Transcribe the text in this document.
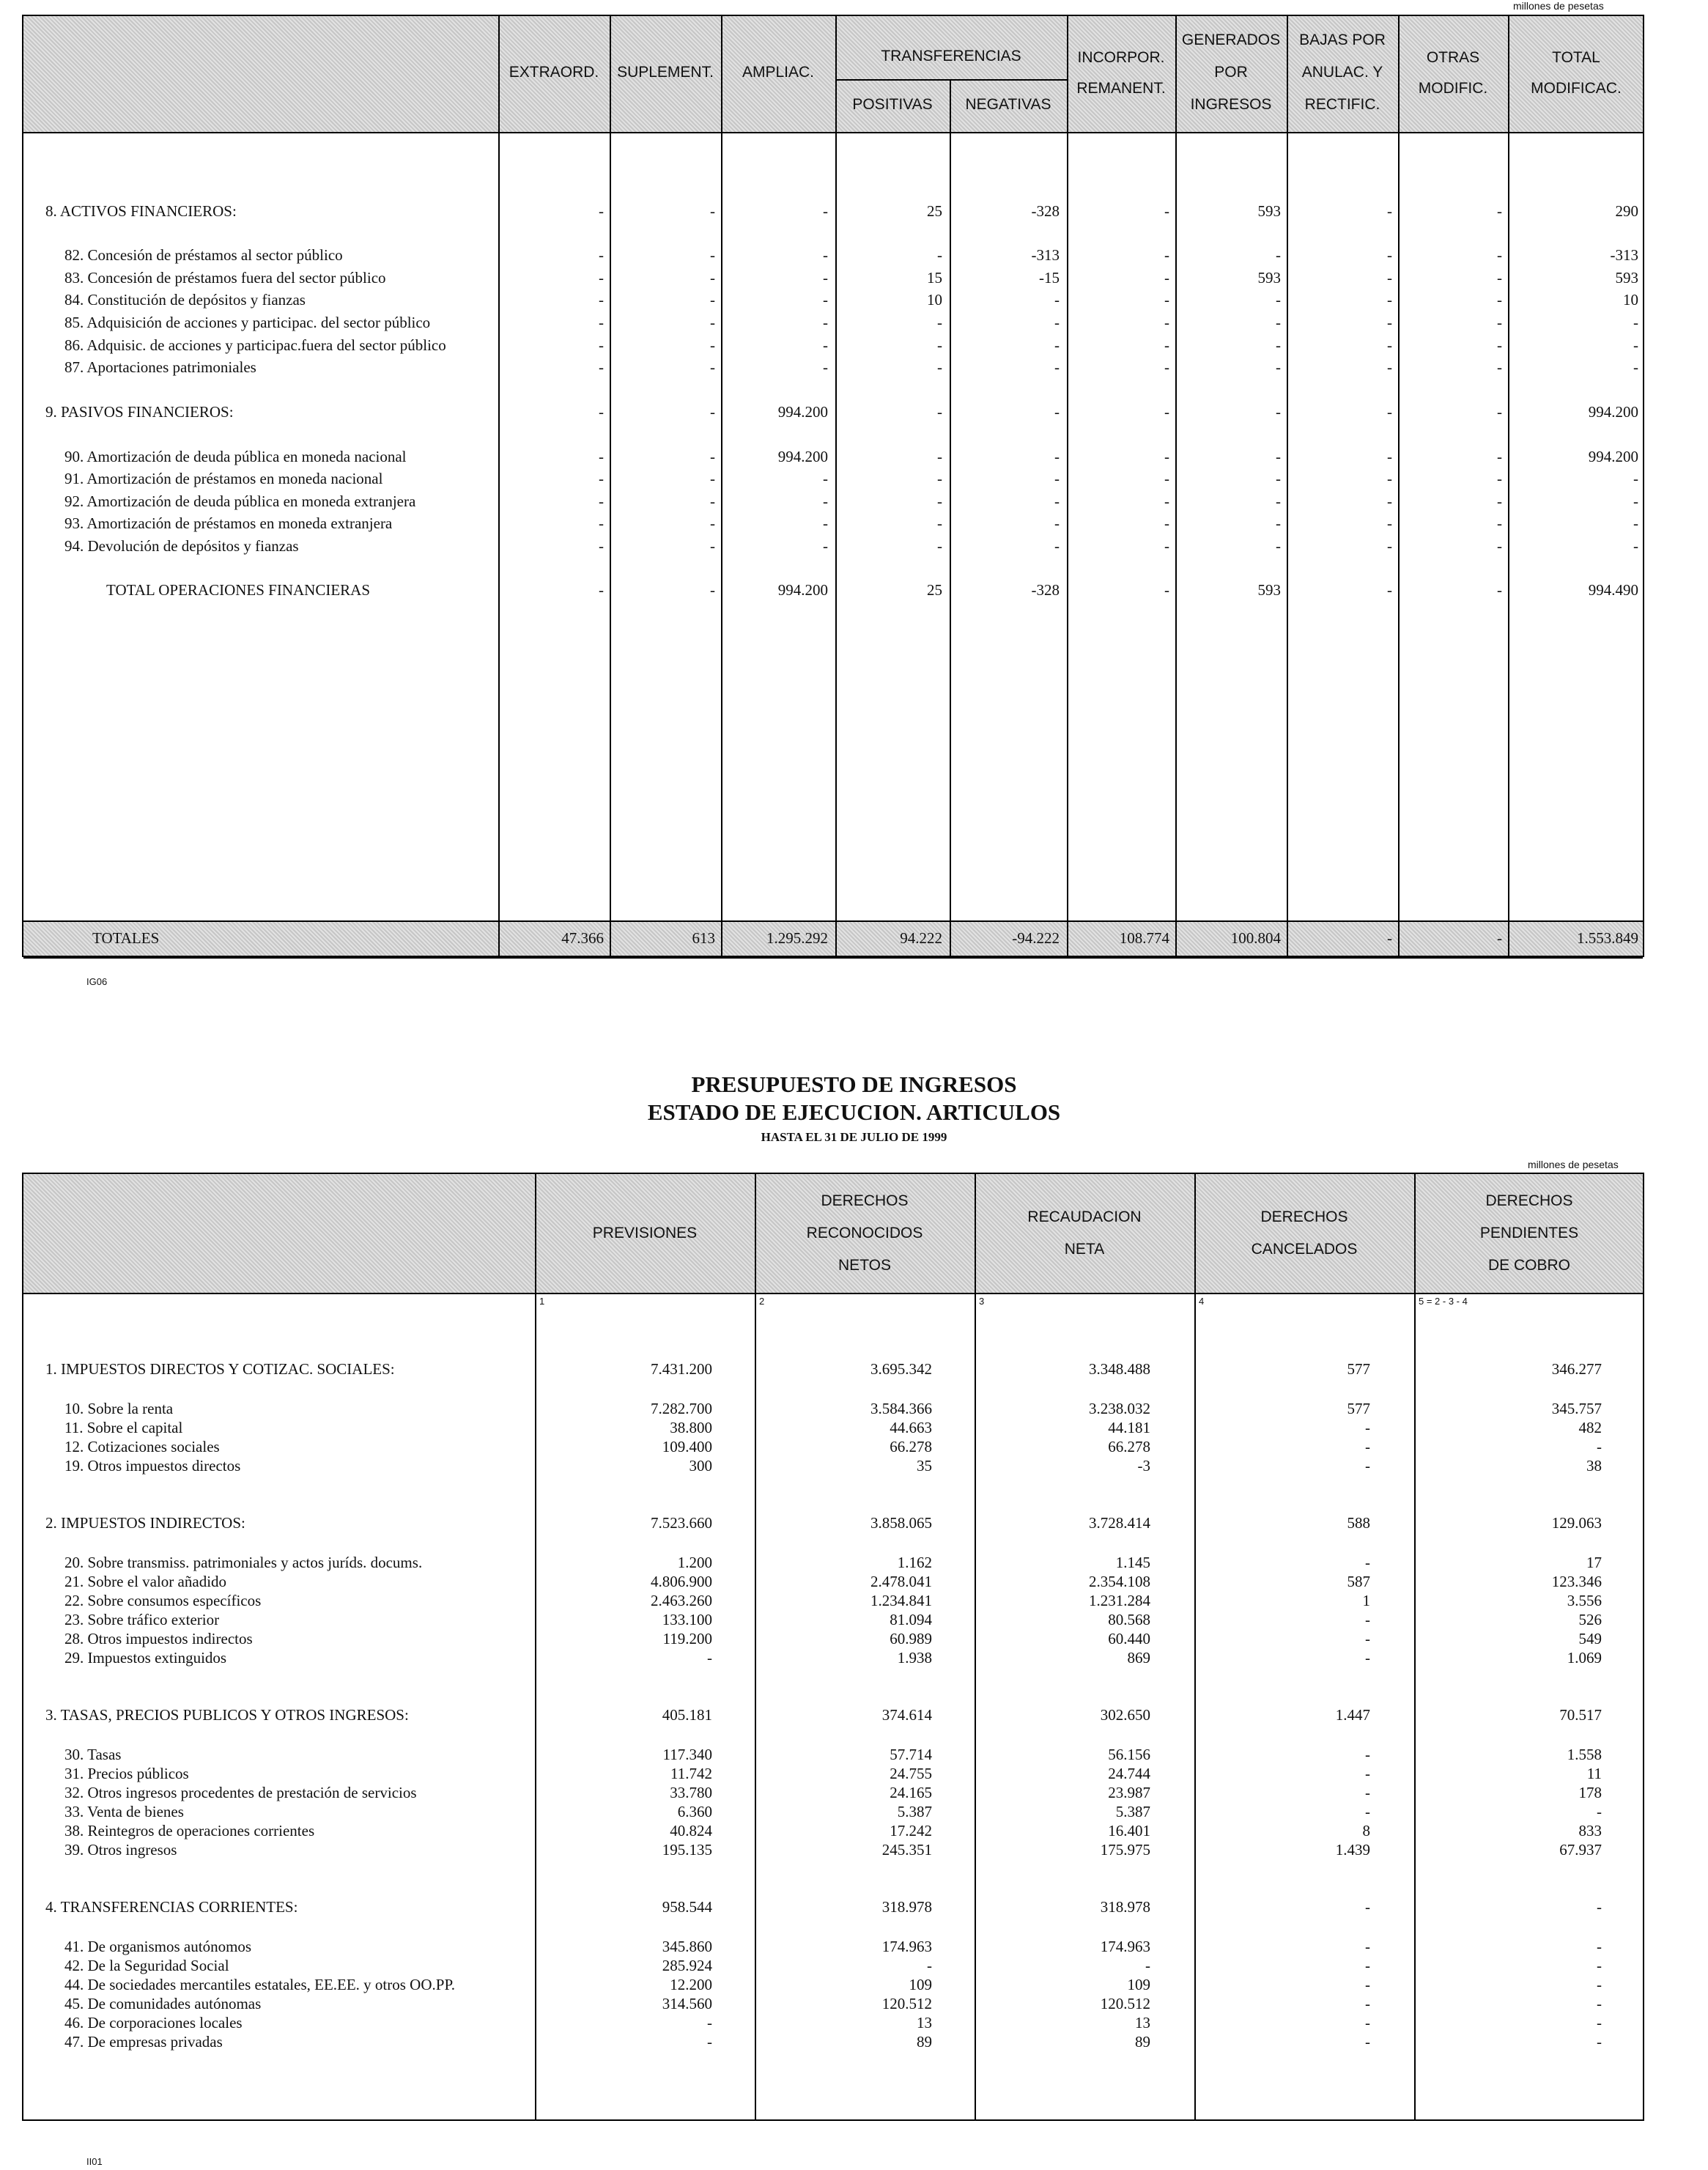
millones de pesetas
EXTRAORD.	SUPLEMENT.	AMPLIAC.
TRANSFERENCIAS
POSITIVAS	NEGATIVAS
INCORPOR.
REMANENT.
GENERADOS
POR
INGRESOS
BAJAS POR
ANULAC. Y
RECTIFIC.
OTRAS
MODIFIC.
TOTAL
MODIFICAC.
8. ACTIVOS FINANCIEROS:	-	-	-	25	-328	-	593	-	-	290
82. Concesión de préstamos al sector público	-	-	-	-	-313	-	-	-	-	-313
83. Concesión de préstamos fuera del sector público	-	-	-	15	-15	-	593	-	-	593
84. Constitución de depósitos y fianzas	-	-	-	10	-	-	-	-	-	10
85. Adquisición de acciones y participac. del sector público	-	-	-	-	-	-	-	-	-	-
86. Adquisic. de acciones y participac.fuera del sector público	-	-	-	-	-	-	-	-	-	-
87. Aportaciones patrimoniales	-	-	-	-	-	-	-	-	-	-
9. PASIVOS FINANCIEROS:	-	-	994.200	-	-	-	-	-	-	994.200
90. Amortización de deuda pública en moneda nacional	-	-	994.200	-	-	-	-	-	-	994.200
91. Amortización de préstamos en moneda nacional	-	-	-	-	-	-	-	-	-	-
92. Amortización de deuda pública en moneda extranjera	-	-	-	-	-	-	-	-	-	-
93. Amortización de préstamos en moneda extranjera	-	-	-	-	-	-	-	-	-	-
94. Devolución de depósitos y fianzas	-	-	-	-	-	-	-	-	-	-
TOTAL OPERACIONES FINANCIERAS	-	-	994.200	25	-328	-	593	-	-	994.490
TOTALES	47.366	613	1.295.292	94.222	-94.222	108.774	100.804	-	-	1.553.849
IG06
PRESUPUESTO DE INGRESOS
ESTADO DE EJECUCION. ARTICULOS
HASTA EL 31 DE JULIO DE 1999
millones de pesetas
PREVISIONES
DERECHOS
RECONOCIDOS
NETOS
RECAUDACION
NETA
DERECHOS
CANCELADOS
DERECHOS
PENDIENTES
DE COBRO
1	2	3	4	5 = 2 - 3 - 4
1. IMPUESTOS DIRECTOS Y COTIZAC. SOCIALES:	7.431.200	3.695.342	3.348.488	577	346.277
10. Sobre la renta	7.282.700	3.584.366	3.238.032	577	345.757
11. Sobre el capital	38.800	44.663	44.181	-	482
12. Cotizaciones sociales	109.400	66.278	66.278	-	-
19. Otros impuestos directos	300	35	-3	-	38
2. IMPUESTOS INDIRECTOS:	7.523.660	3.858.065	3.728.414	588	129.063
20. Sobre transmiss. patrimoniales y actos juríds. docums.	1.200	1.162	1.145	-	17
21. Sobre el valor añadido	4.806.900	2.478.041	2.354.108	587	123.346
22. Sobre consumos específicos	2.463.260	1.234.841	1.231.284	1	3.556
23. Sobre tráfico exterior	133.100	81.094	80.568	-	526
28. Otros impuestos indirectos	119.200	60.989	60.440	-	549
29. Impuestos extinguidos	-	1.938	869	-	1.069
3. TASAS, PRECIOS PUBLICOS Y OTROS INGRESOS:	405.181	374.614	302.650	1.447	70.517
30. Tasas	117.340	57.714	56.156	-	1.558
31. Precios públicos	11.742	24.755	24.744	-	11
32. Otros ingresos procedentes de prestación de servicios	33.780	24.165	23.987	-	178
33. Venta de bienes	6.360	5.387	5.387	-	-
38. Reintegros de operaciones corrientes	40.824	17.242	16.401	8	833
39. Otros ingresos	195.135	245.351	175.975	1.439	67.937
4. TRANSFERENCIAS CORRIENTES:	958.544	318.978	318.978	-	-
41. De organismos autónomos	345.860	174.963	174.963	-	-
42. De la Seguridad Social	285.924	-	-	-	-
44. De sociedades mercantiles estatales, EE.EE. y otros OO.PP.	12.200	109	109	-	-
45. De comunidades autónomas	314.560	120.512	120.512	-	-
46. De corporaciones locales	-	13	13	-	-
47. De empresas privadas	-	89	89	-	-
II01
